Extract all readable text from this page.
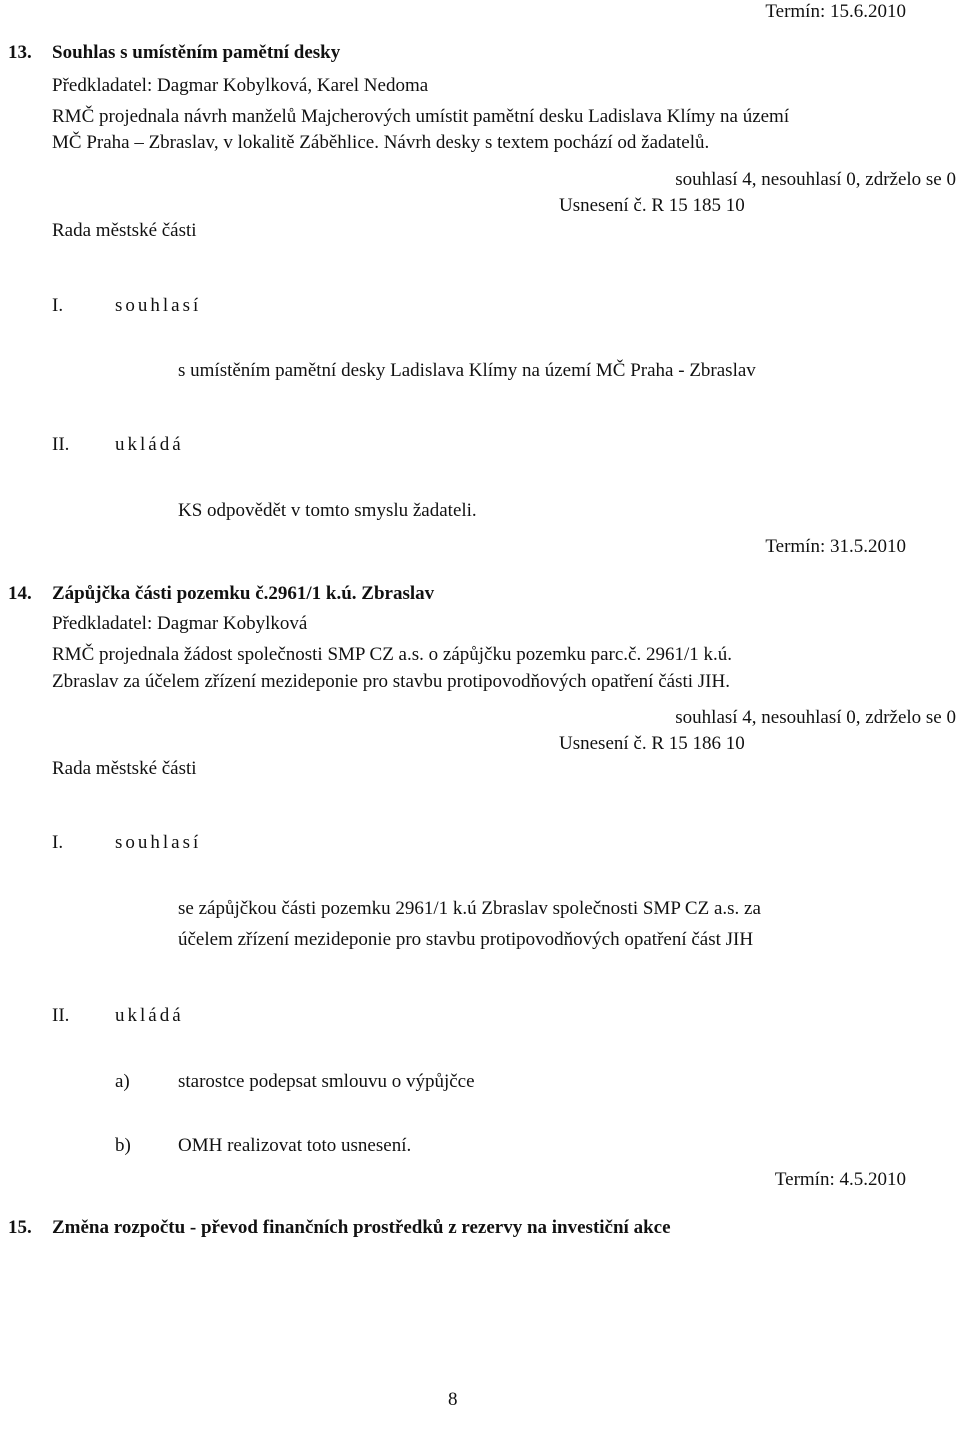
Termín: 15.6.2010
13. Souhlas s umístěním pamětní desky
Předkladatel: Dagmar Kobylková, Karel Nedoma
RMČ projednala návrh manželů Majcherových umístit pamětní desku Ladislava Klímy na území
MČ Praha – Zbraslav, v lokalitě Záběhlice. Návrh desky s textem pochází od žadatelů.
souhlasí 4, nesouhlasí 0, zdrželo se 0
Usnesení č. R 15 185 10
Rada městské části
I.	souhlasí
s umístěním pamětní desky Ladislava Klímy na území MČ Praha - Zbraslav
II. ukládá
KS odpovědět v tomto smyslu žadateli.
Termín: 31.5.2010
14. Zápůjčka části pozemku č.2961/1 k.ú. Zbraslav
Předkladatel: Dagmar Kobylková
RMČ projednala žádost společnosti SMP CZ a.s. o zápůjčku pozemku parc.č. 2961/1 k.ú.
Zbraslav za účelem zřízení mezideponie pro stavbu protipovodňových opatření části JIH.
souhlasí 4, nesouhlasí 0, zdrželo se 0
Usnesení č. R 15 186 10
Rada městské části
I.	souhlasí
se zápůjčkou části pozemku 2961/1 k.ú Zbraslav společnosti SMP CZ a.s. za
účelem zřízení mezideponie pro stavbu protipovodňových opatření část JIH
II. ukládá
a)	starostce podepsat smlouvu o výpůjčce
b) OMH realizovat toto usnesení.
Termín: 4.5.2010
15. Změna rozpočtu - převod finančních prostředků z rezervy na investiční akce
8
